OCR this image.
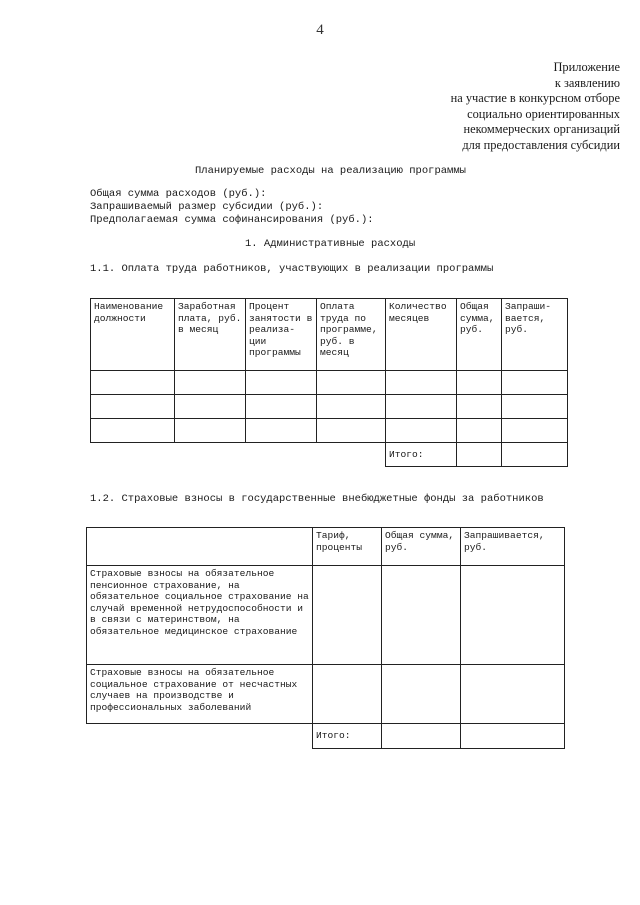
4
Приложение
к заявлению
на участие в конкурсном отборе
социально ориентированных
некоммерческих организаций
для предоставления субсидии
Планируемые расходы на реализацию программы
Общая сумма расходов (руб.):
Запрашиваемый размер субсидии (руб.):
Предполагаемая сумма софинансирования (руб.):
1. Административные расходы
1.1. Оплата труда работников, участвующих в реализации программы
Наименование должности	Заработная плата, руб. в месяц	Процент занятости в реализа- ции программы	Оплата труда по программе, руб. в месяц	Количество месяцев	Общая сумма, руб.	Запраши- вается, руб.

				Итого:		
1.2. Страховые взносы в государственные внебюджетные фонды за работников
	Тариф, проценты	Общая сумма, руб.	Запрашивается, руб.
Страховые взносы на обязательное пенсионное страхование, на обязательное социальное страхование на случай временной нетрудоспособности и в связи с материнством, на обязательное медицинское страхование			
Страховые взносы на обязательное социальное страхование от несчастных случаев на производстве и профессиональных заболеваний			
	Итого:		
